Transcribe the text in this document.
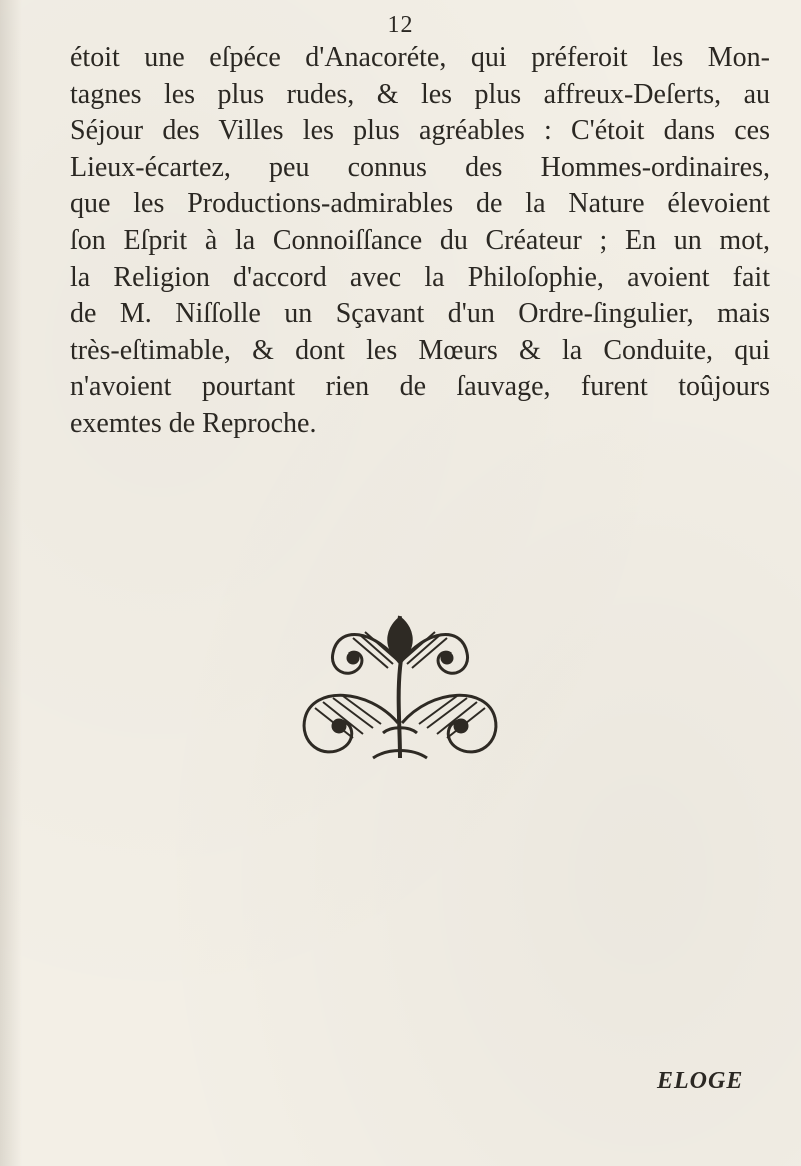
12
étoit une eſpéce d'Anacoréte, qui préferoit les Mon-
tagnes les plus rudes, & les plus affreux-Deſerts, au
Séjour des Villes les plus agréables : C'étoit dans ces
Lieux-écartez, peu connus des Hommes-ordinaires,
que les Productions-admirables de la Nature élevoient
ſon Eſprit à la Connoiſſance du Créateur ; En un mot,
la Religion d'accord avec la Philoſophie, avoient fait
de M. Niſſolle un Sçavant d'un Ordre-ſingulier, mais
très-eſtimable, & dont les Mœurs & la Conduite, qui
n'avoient pourtant rien de ſauvage, furent toûjours
exemtes de Reproche.
ELOGE
